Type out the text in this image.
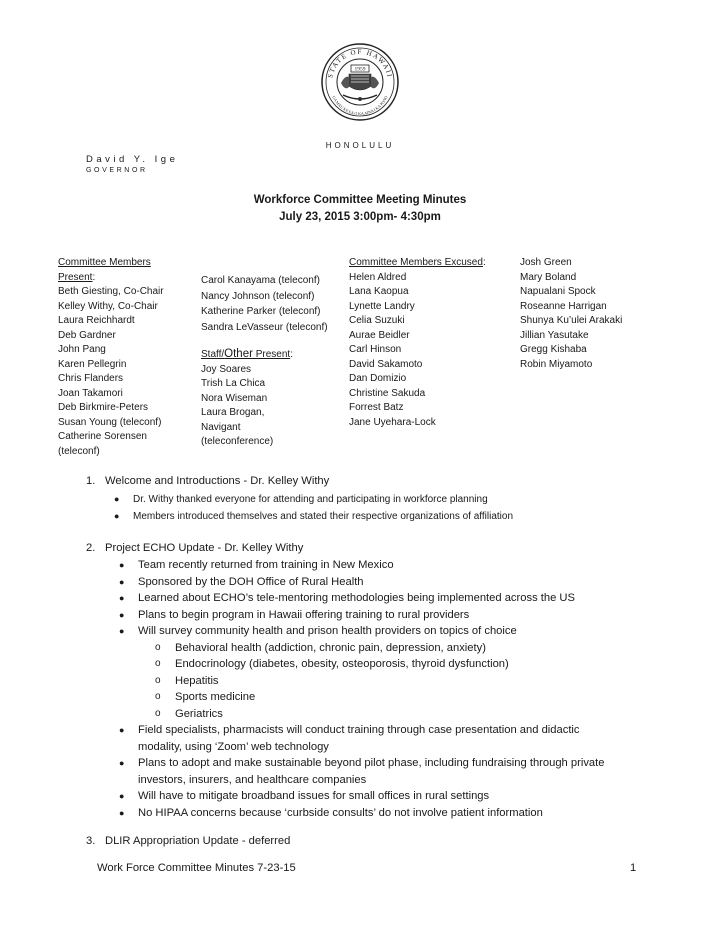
STATE OF HAWAII
UA MAU KE EA O KA AINA I KA PONO
1959
HONOLULU
David Y. Ige
GOVERNOR
Workforce Committee Meeting Minutes
July 23, 2015 3:00pm- 4:30pm
Committee Members
Present:
Beth Giesting, Co-Chair
Kelley Withy, Co-Chair
Laura Reichhardt
Deb Gardner
John Pang
Karen Pellegrin
Chris Flanders
Joan Takamori
Deb Birkmire-Peters
Susan Young (teleconf)
Catherine Sorensen
(teleconf)
Carol Kanayama (teleconf)
Nancy Johnson (teleconf)
Katherine Parker (teleconf)
Sandra LeVasseur (teleconf)
Staff/Other Present:
Joy Soares
Trish La Chica
Nora Wiseman
Laura Brogan,
Navigant
(teleconference)
Committee Members Excused:
Helen Aldred
Lana Kaopua
Lynette Landry
Celia Suzuki
Aurae Beidler
Carl Hinson
David Sakamoto
Dan Domizio
Christine Sakuda
Forrest Batz
Jane Uyehara-Lock
Josh Green
Mary Boland
Napualani Spock
Roseanne Harrigan
Shunya Ku’ulei Arakaki
Jillian Yasutake
Gregg Kishaba
Robin Miyamoto
1. Welcome and Introductions - Dr. Kelley Withy
● Dr. Withy thanked everyone for attending and participating in workforce planning
● Members introduced themselves and stated their respective organizations of affiliation
2. Project ECHO Update - Dr. Kelley Withy
● Team recently returned from training in New Mexico
● Sponsored by the DOH Office of Rural Health
● Learned about ECHO’s tele-mentoring methodologies being implemented across the US
● Plans to begin program in Hawaii offering training to rural providers
● Will survey community health and prison health providers on topics of choice
o Behavioral health (addiction, chronic pain, depression, anxiety)
o Endocrinology (diabetes, obesity, osteoporosis, thyroid dysfunction)
o Hepatitis
o Sports medicine
o Geriatrics
● Field specialists, pharmacists will conduct training through case presentation and didactic
modality, using ‘Zoom’ web technology
● Plans to adopt and make sustainable beyond pilot phase, including fundraising through private
investors, insurers, and healthcare companies
● Will have to mitigate broadband issues for small offices in rural settings
● No HIPAA concerns because ‘curbside consults’ do not involve patient information
3. DLIR Appropriation Update - deferred
Work Force Committee Minutes 7-23-15	1
